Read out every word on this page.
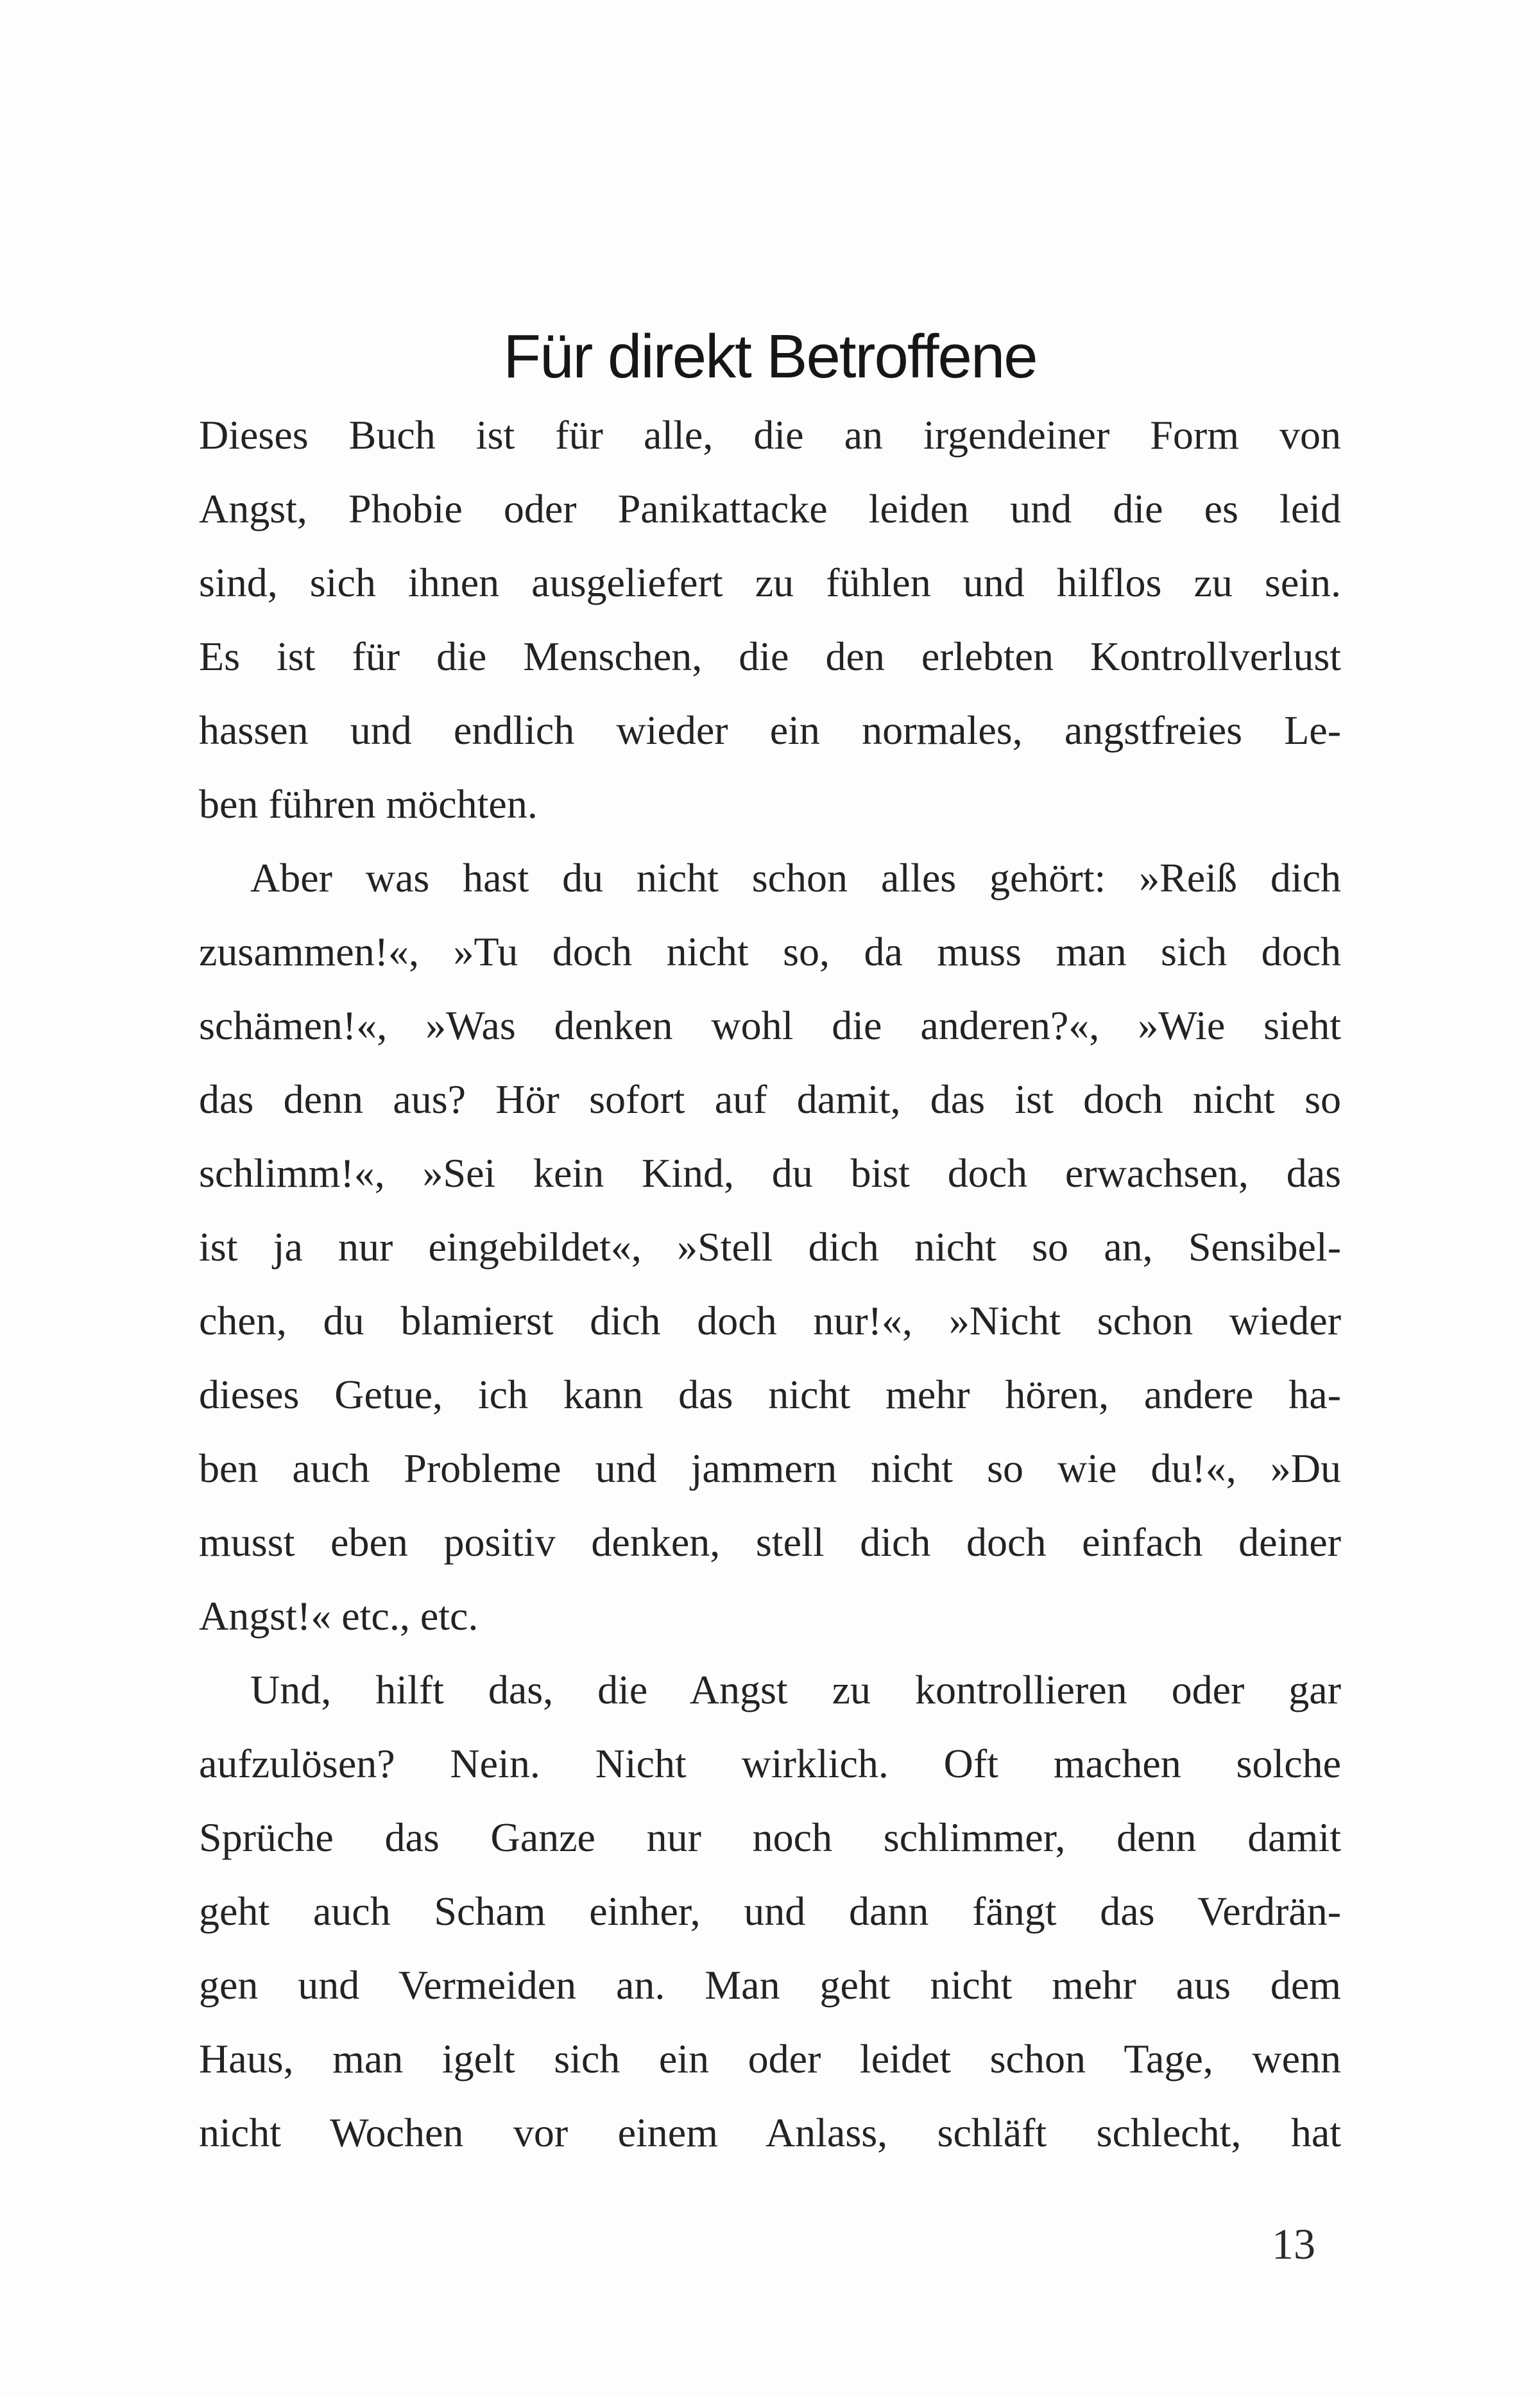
Für direkt Betroffene
Dieses Buch ist für alle, die an irgendeiner Form von
Angst, Phobie oder Panikattacke leiden und die es leid
sind, sich ihnen ausgeliefert zu fühlen und hilflos zu sein.
Es ist für die Menschen, die den erlebten Kontrollverlust
hassen und endlich wieder ein normales, angstfreies Le-
ben führen möchten.
Aber was hast du nicht schon alles gehört: »Reiß dich
zusammen!«, »Tu doch nicht so, da muss man sich doch
schämen!«, »Was denken wohl die anderen?«, »Wie sieht
das denn aus? Hör sofort auf damit, das ist doch nicht so
schlimm!«, »Sei kein Kind, du bist doch erwachsen, das
ist ja nur eingebildet«, »Stell dich nicht so an, Sensibel-
chen, du blamierst dich doch nur!«, »Nicht schon wieder
dieses Getue, ich kann das nicht mehr hören, andere ha-
ben auch Probleme und jammern nicht so wie du!«, »Du
musst eben positiv denken, stell dich doch einfach deiner
Angst!« etc., etc.
Und, hilft das, die Angst zu kontrollieren oder gar
aufzulösen? Nein. Nicht wirklich. Oft machen solche
Sprüche das Ganze nur noch schlimmer, denn damit
geht auch Scham einher, und dann fängt das Verdrän-
gen und Vermeiden an. Man geht nicht mehr aus dem
Haus, man igelt sich ein oder leidet schon Tage, wenn
nicht Wochen vor einem Anlass, schläft schlecht, hat
13
